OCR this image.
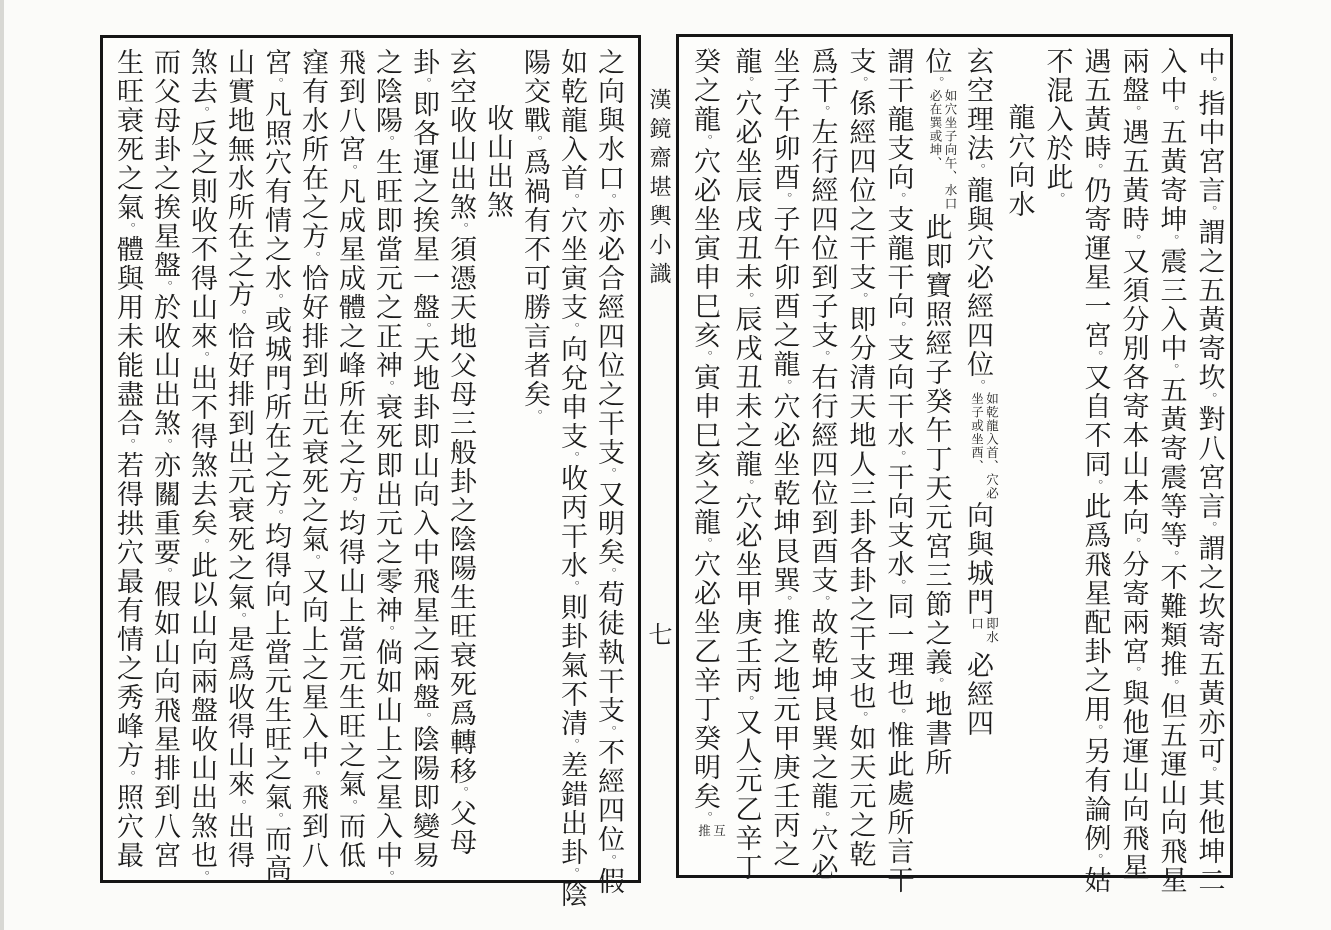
中。指中宮言。謂之五黃寄坎。對八宮言。謂之坎寄五黃亦可。其他坤二
入中。五黃寄坤。震三入中。五黃寄震等等。不難類推。但五運山向飛星
兩盤。遇五黃時。又須分別各寄本山本向。分寄兩宮。與他運山向飛星
遇五黃時。仍寄運星一宮。又自不同。此爲飛星配卦之用。另有論例。姑
不混入於此。
龍穴向水
玄空理法。龍與穴必經四位。如乾龍入首、穴必坐子或坐酉、向與城門即水口必經四
位。如穴坐子向午、水口必在巽或坤、此即寶照經子癸午丁天元宮三節之義。地書所
謂干龍支向。支龍干向。支向干水。干向支水。同一理也。惟此處所言干
支。係經四位之干支。即分清天地人三卦各卦之干支也。如天元之乾
爲干。左行經四位到子支。右行經四位到酉支。故乾坤艮巽之龍。穴必
坐子午卯酉。子午卯酉之龍。穴必坐乾坤艮巽。推之地元甲庚壬丙之
龍。穴必坐辰戌丑未。辰戌丑未之龍。穴必坐甲庚壬丙。又人元乙辛丁
癸之龍。穴必坐寅申巳亥。寅申巳亥之龍。穴必坐乙辛丁癸明矣。互推
漢鏡齋堪輿小識
七
之向與水口。亦必合經四位之干支。又明矣。苟徒執干支。不經四位。假
如乾龍入首。穴坐寅支。向兌申支。收丙干水。則卦氣不清。差錯出卦。陰
陽交戰。爲禍有不可勝言者矣。
收山出煞
玄空收山出煞。須憑天地父母三般卦之陰陽生旺衰死爲轉移。父母
卦。即各運之挨星一盤。天地卦即山向入中飛星之兩盤。陰陽即變易
之陰陽。生旺即當元之正神。衰死即出元之零神。倘如山上之星入中。
飛到八宮。凡成星成體之峰所在之方。均得山上當元生旺之氣。而低
窪有水所在之方。恰好排到出元衰死之氣。又向上之星入中。飛到八
宮。凡照穴有情之水。或城門所在之方。均得向上當元生旺之氣。而高
山實地無水所在之方。恰好排到出元衰死之氣。是爲收得山來。出得
煞去。反之則收不得山來。出不得煞去矣。此以山向兩盤收山出煞也。
而父母卦之挨星盤。於收山出煞。亦關重要。假如山向飛星排到八宮
生旺衰死之氣。體與用未能盡合。若得拱穴最有情之秀峰方。照穴最
